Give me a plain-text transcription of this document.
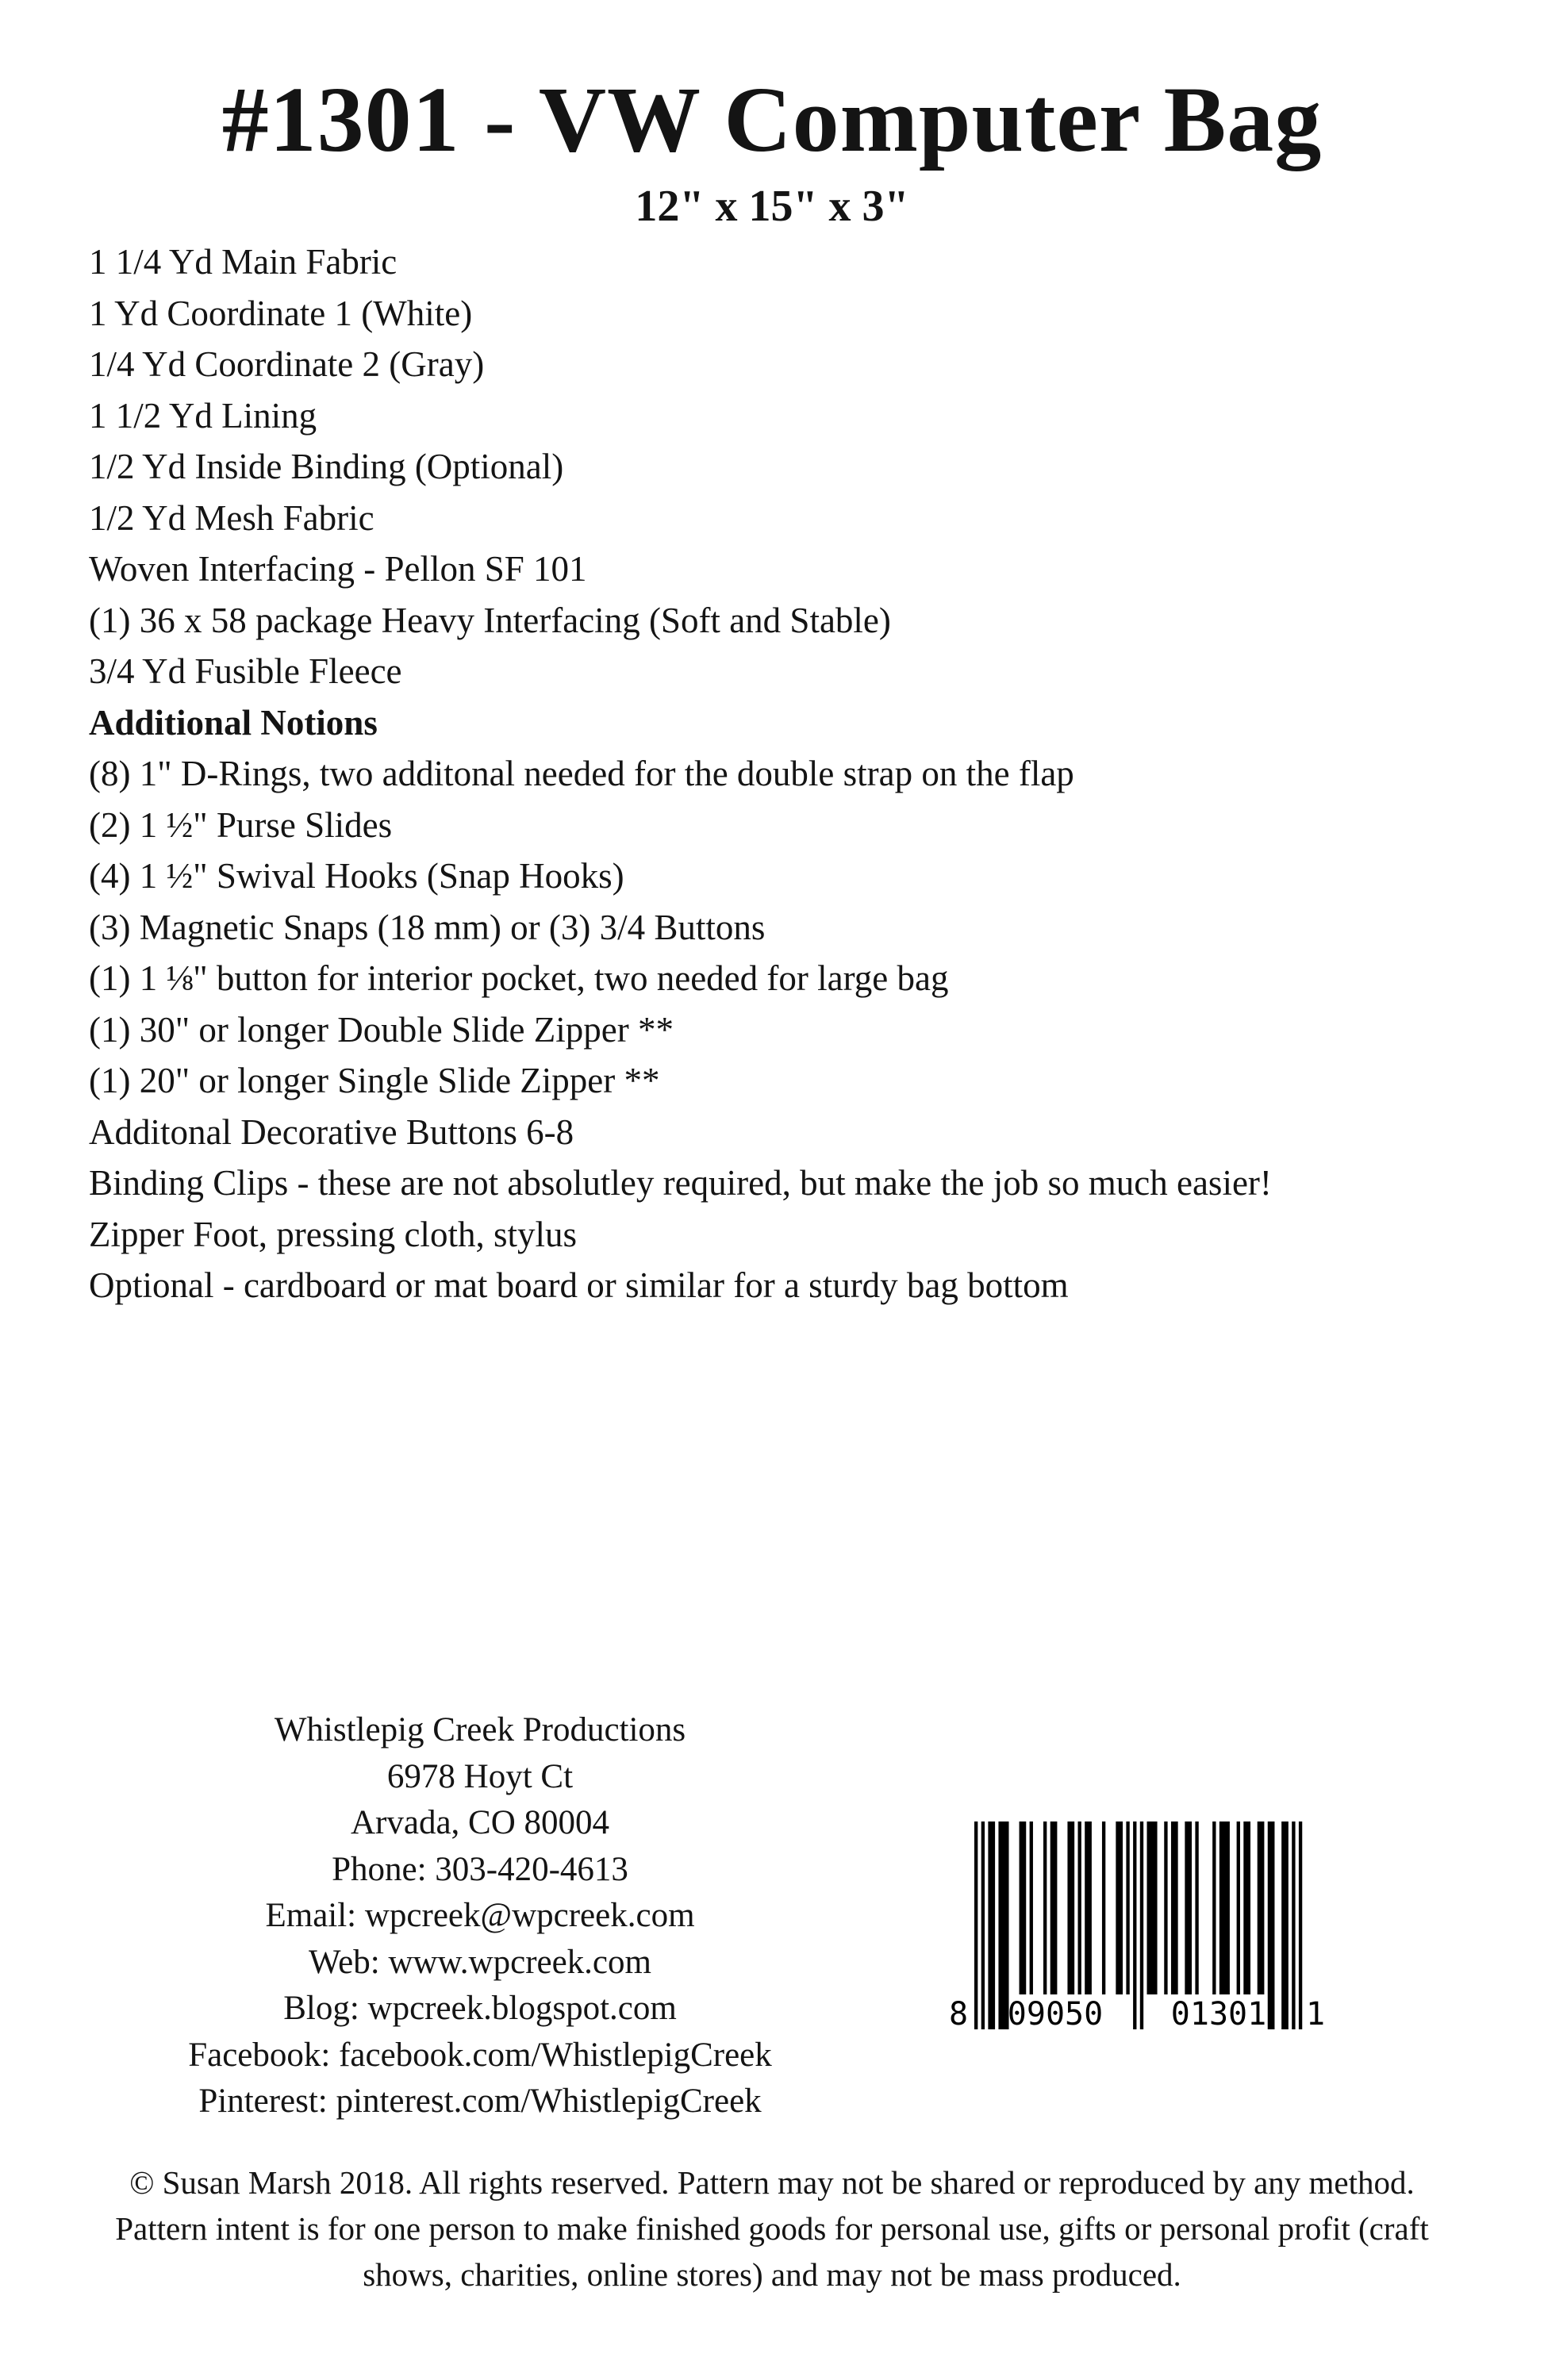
#1301 - VW Computer Bag
12" x 15" x 3"
1 1/4 Yd Main Fabric
1 Yd Coordinate 1 (White)
1/4 Yd Coordinate 2 (Gray)
1 1/2 Yd Lining
1/2 Yd Inside Binding (Optional)
1/2 Yd Mesh Fabric
Woven Interfacing - Pellon SF 101
(1) 36 x 58 package Heavy Interfacing (Soft and Stable)
3/4 Yd Fusible Fleece
Additional Notions
(8) 1" D-Rings, two additonal needed for the double strap on the flap
(2) 1 ½" Purse Slides
(4) 1 ½" Swival Hooks (Snap Hooks)
(3) Magnetic Snaps (18 mm) or (3) 3/4 Buttons
(1) 1 ⅛" button for interior pocket, two needed for large bag
(1) 30" or longer Double Slide Zipper **
(1) 20" or longer Single Slide Zipper **
Additonal Decorative Buttons 6-8
Binding Clips - these are not absolutley required, but make the job so much easier!
Zipper Foot, pressing cloth, stylus
Optional - cardboard or mat board or similar for a sturdy bag bottom
Whistlepig Creek Productions
6978 Hoyt Ct
Arvada, CO 80004
Phone: 303-420-4613
Email: wpcreek@wpcreek.com
Web: www.wpcreek.com
Blog: wpcreek.blogspot.com
Facebook: facebook.com/WhistlepigCreek
Pinterest: pinterest.com/WhistlepigCreek
8 09050 01301 1
© Susan Marsh 2018. All rights reserved. Pattern may not be shared or reproduced by any method. Pattern intent is for one person to make finished goods for personal use, gifts or personal profit (craft shows, charities, online stores) and may not be mass produced.
